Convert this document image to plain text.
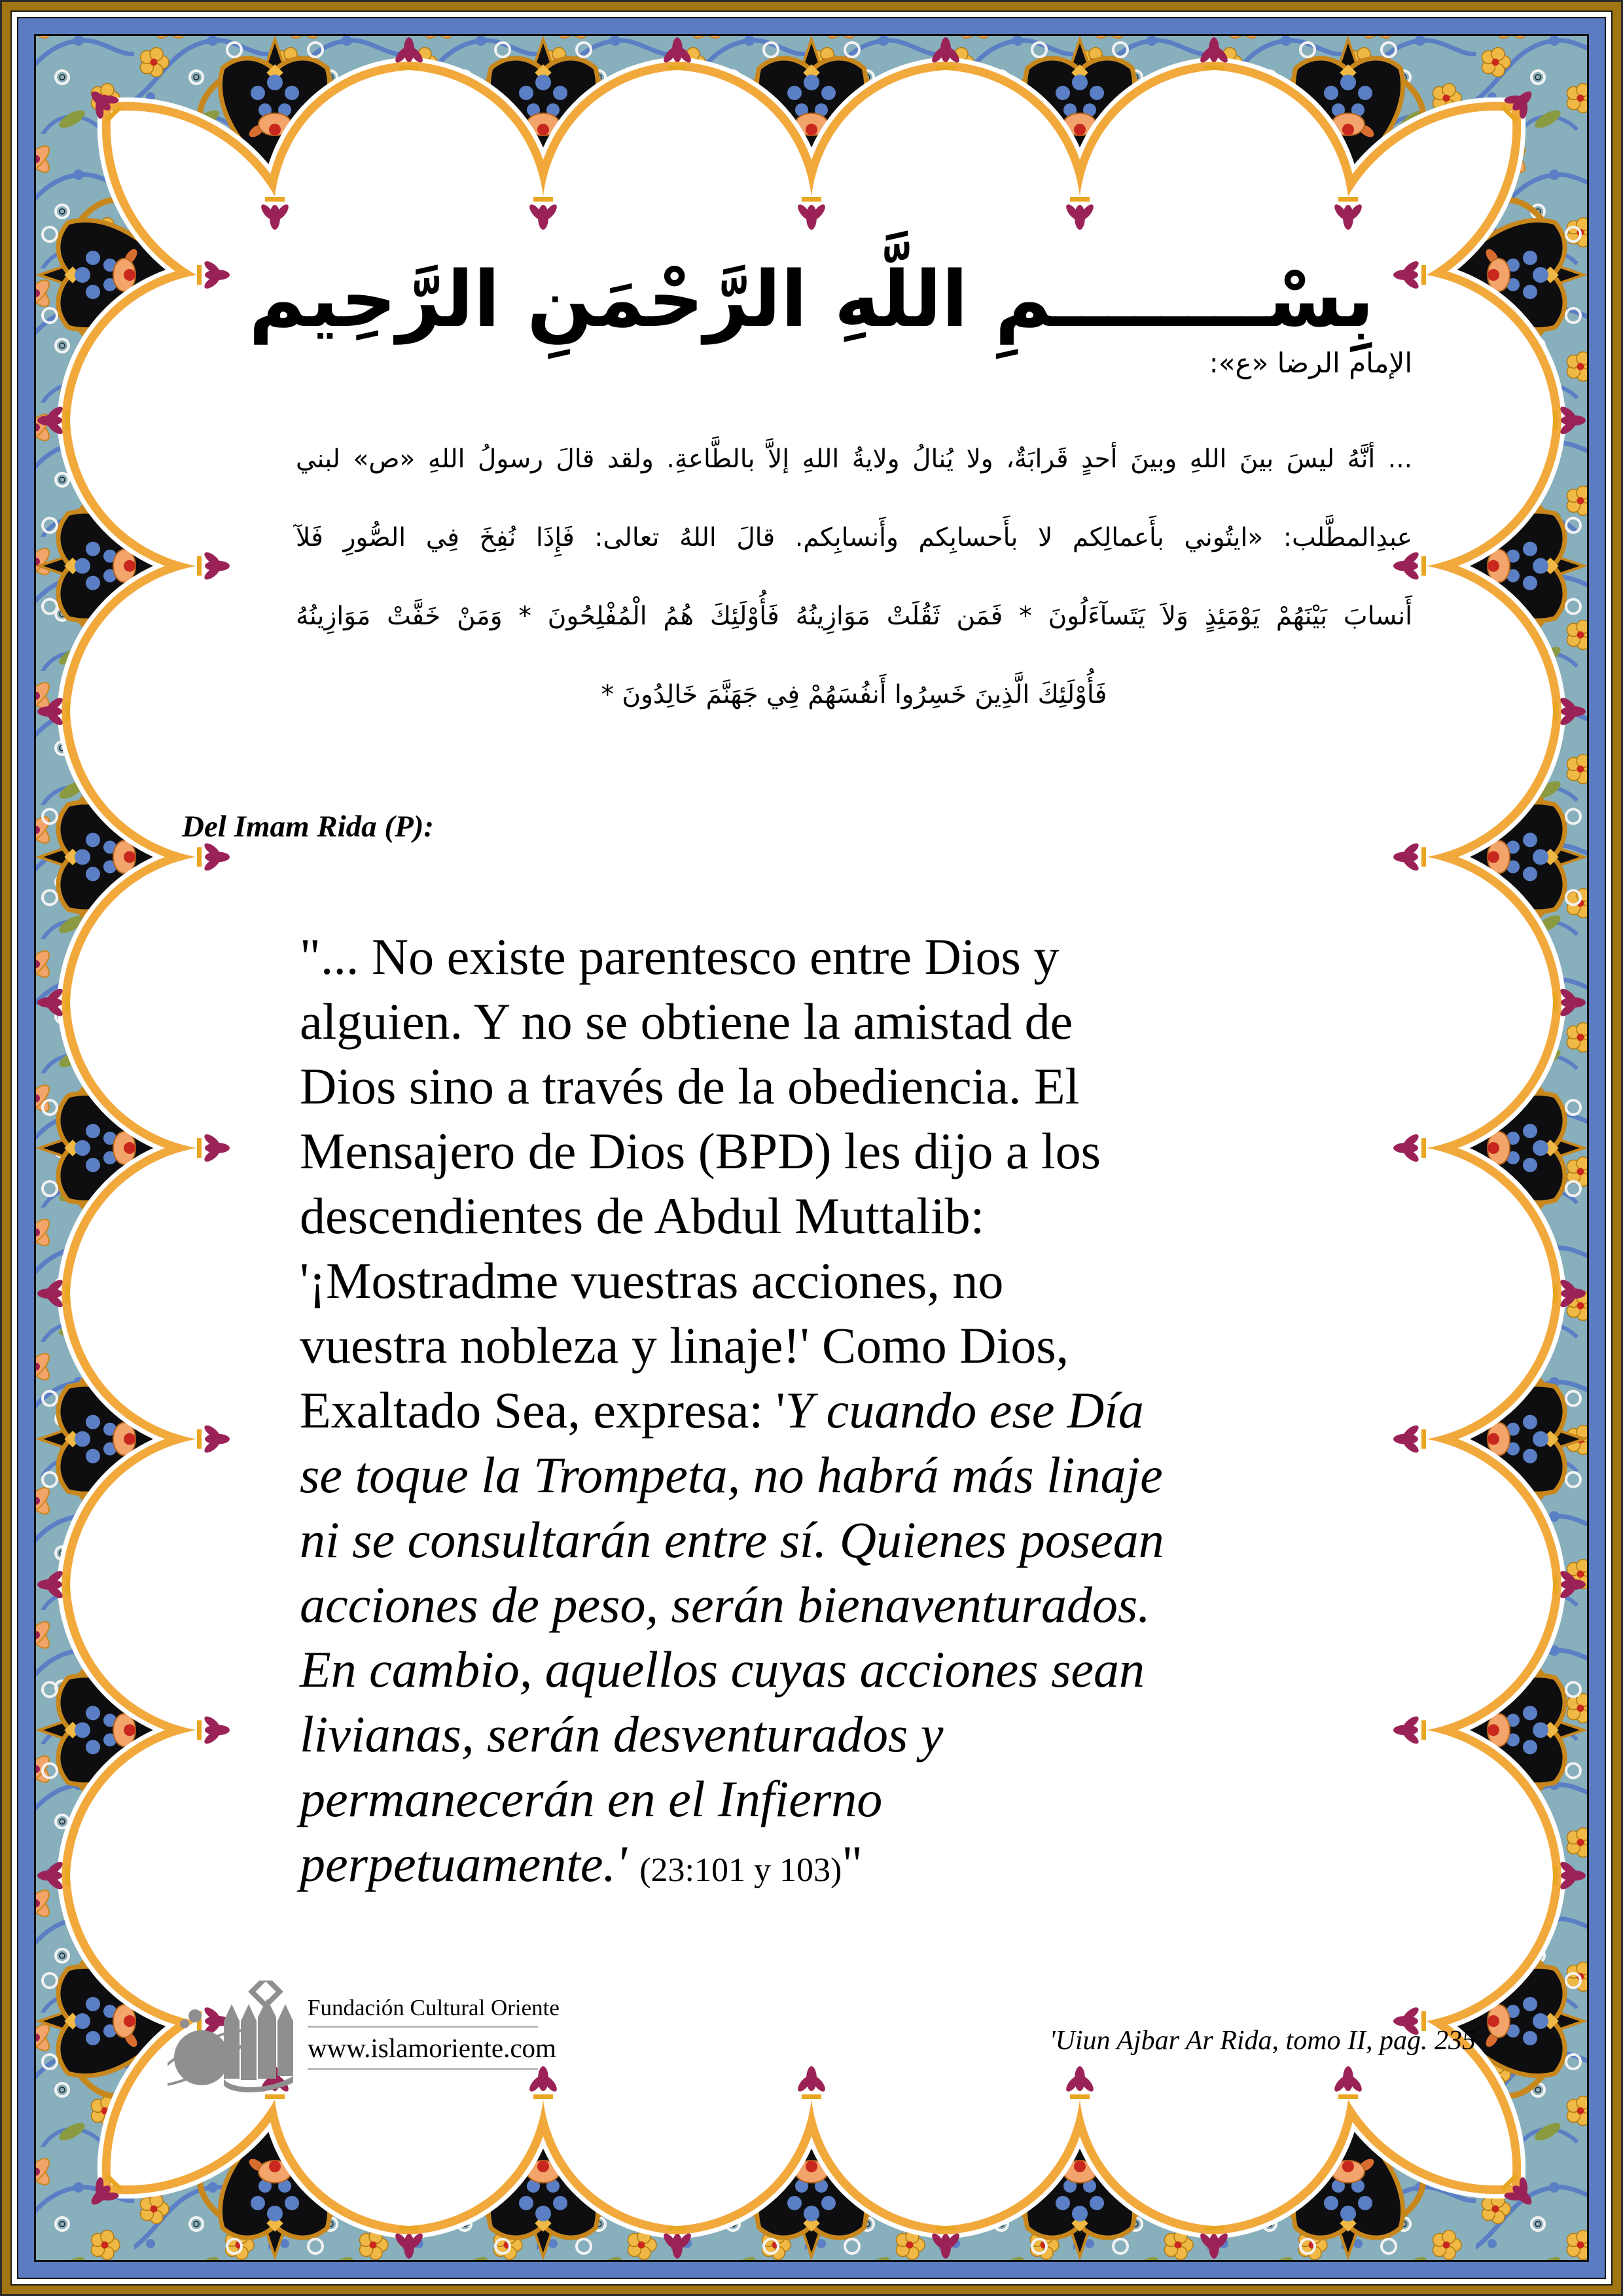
بِسْــــــــمِ اللَّهِ الرَّحْمَنِ الرَّحِيم
الإمام الرضا «ع»:
... أنَّهُ ليسَ بينَ اللهِ وبينَ أحدٍ قَرابَةٌ، ولا يُنالُ ولايةُ اللهِ إلاَّ بالطَّاعةِ. ولقد قالَ رسولُ اللهِ «ص» لبني
عبدِالمطَّلب: «ايتُوني بأَعمالِكم لا بأَحسابِكم وأَنسابِكم. قالَ اللهُ تعالى: فَإِذَا نُفِخَ فِي الصُّورِ فَلآ
أَنسابَ بَيْنَهُمْ يَوْمَئِذٍ وَلاَ يَتَسآءَلُونَ * فَمَن ثَقُلَتْ مَوَازِينُهُ فَأُوْلَئِكَ هُمُ الْمُفْلِحُونَ * وَمَنْ خَفَّتْ مَوَازِينُهُ
فَأُوْلَئِكَ الَّذِينَ خَسِرُوا أَنفُسَهُمْ فِي جَهَنَّمَ خَالِدُونَ *
Del Imam Rida (P):
"... No existe parentesco entre Dios y
alguien. Y no se obtiene la amistad de
Dios sino a través de la obediencia. El
Mensajero de Dios (BPD) les dijo a los
descendientes de Abdul Muttalib:
'¡Mostradme vuestras acciones, no
vuestra nobleza y linaje!' Como Dios,
Exaltado Sea, expresa: 'Y cuando ese Día
se toque la Trompeta, no habrá más linaje
ni se consultarán entre sí. Quienes posean
acciones de peso, serán bienaventurados.
En cambio, aquellos cuyas acciones sean
livianas, serán desventurados y
permanecerán en el Infierno
perpetuamente.' (23:101 y 103)"
'Uiun Ajbar Ar Rida, tomo II, pag. 235
Fundación Cultural Oriente
www.islamoriente.com
